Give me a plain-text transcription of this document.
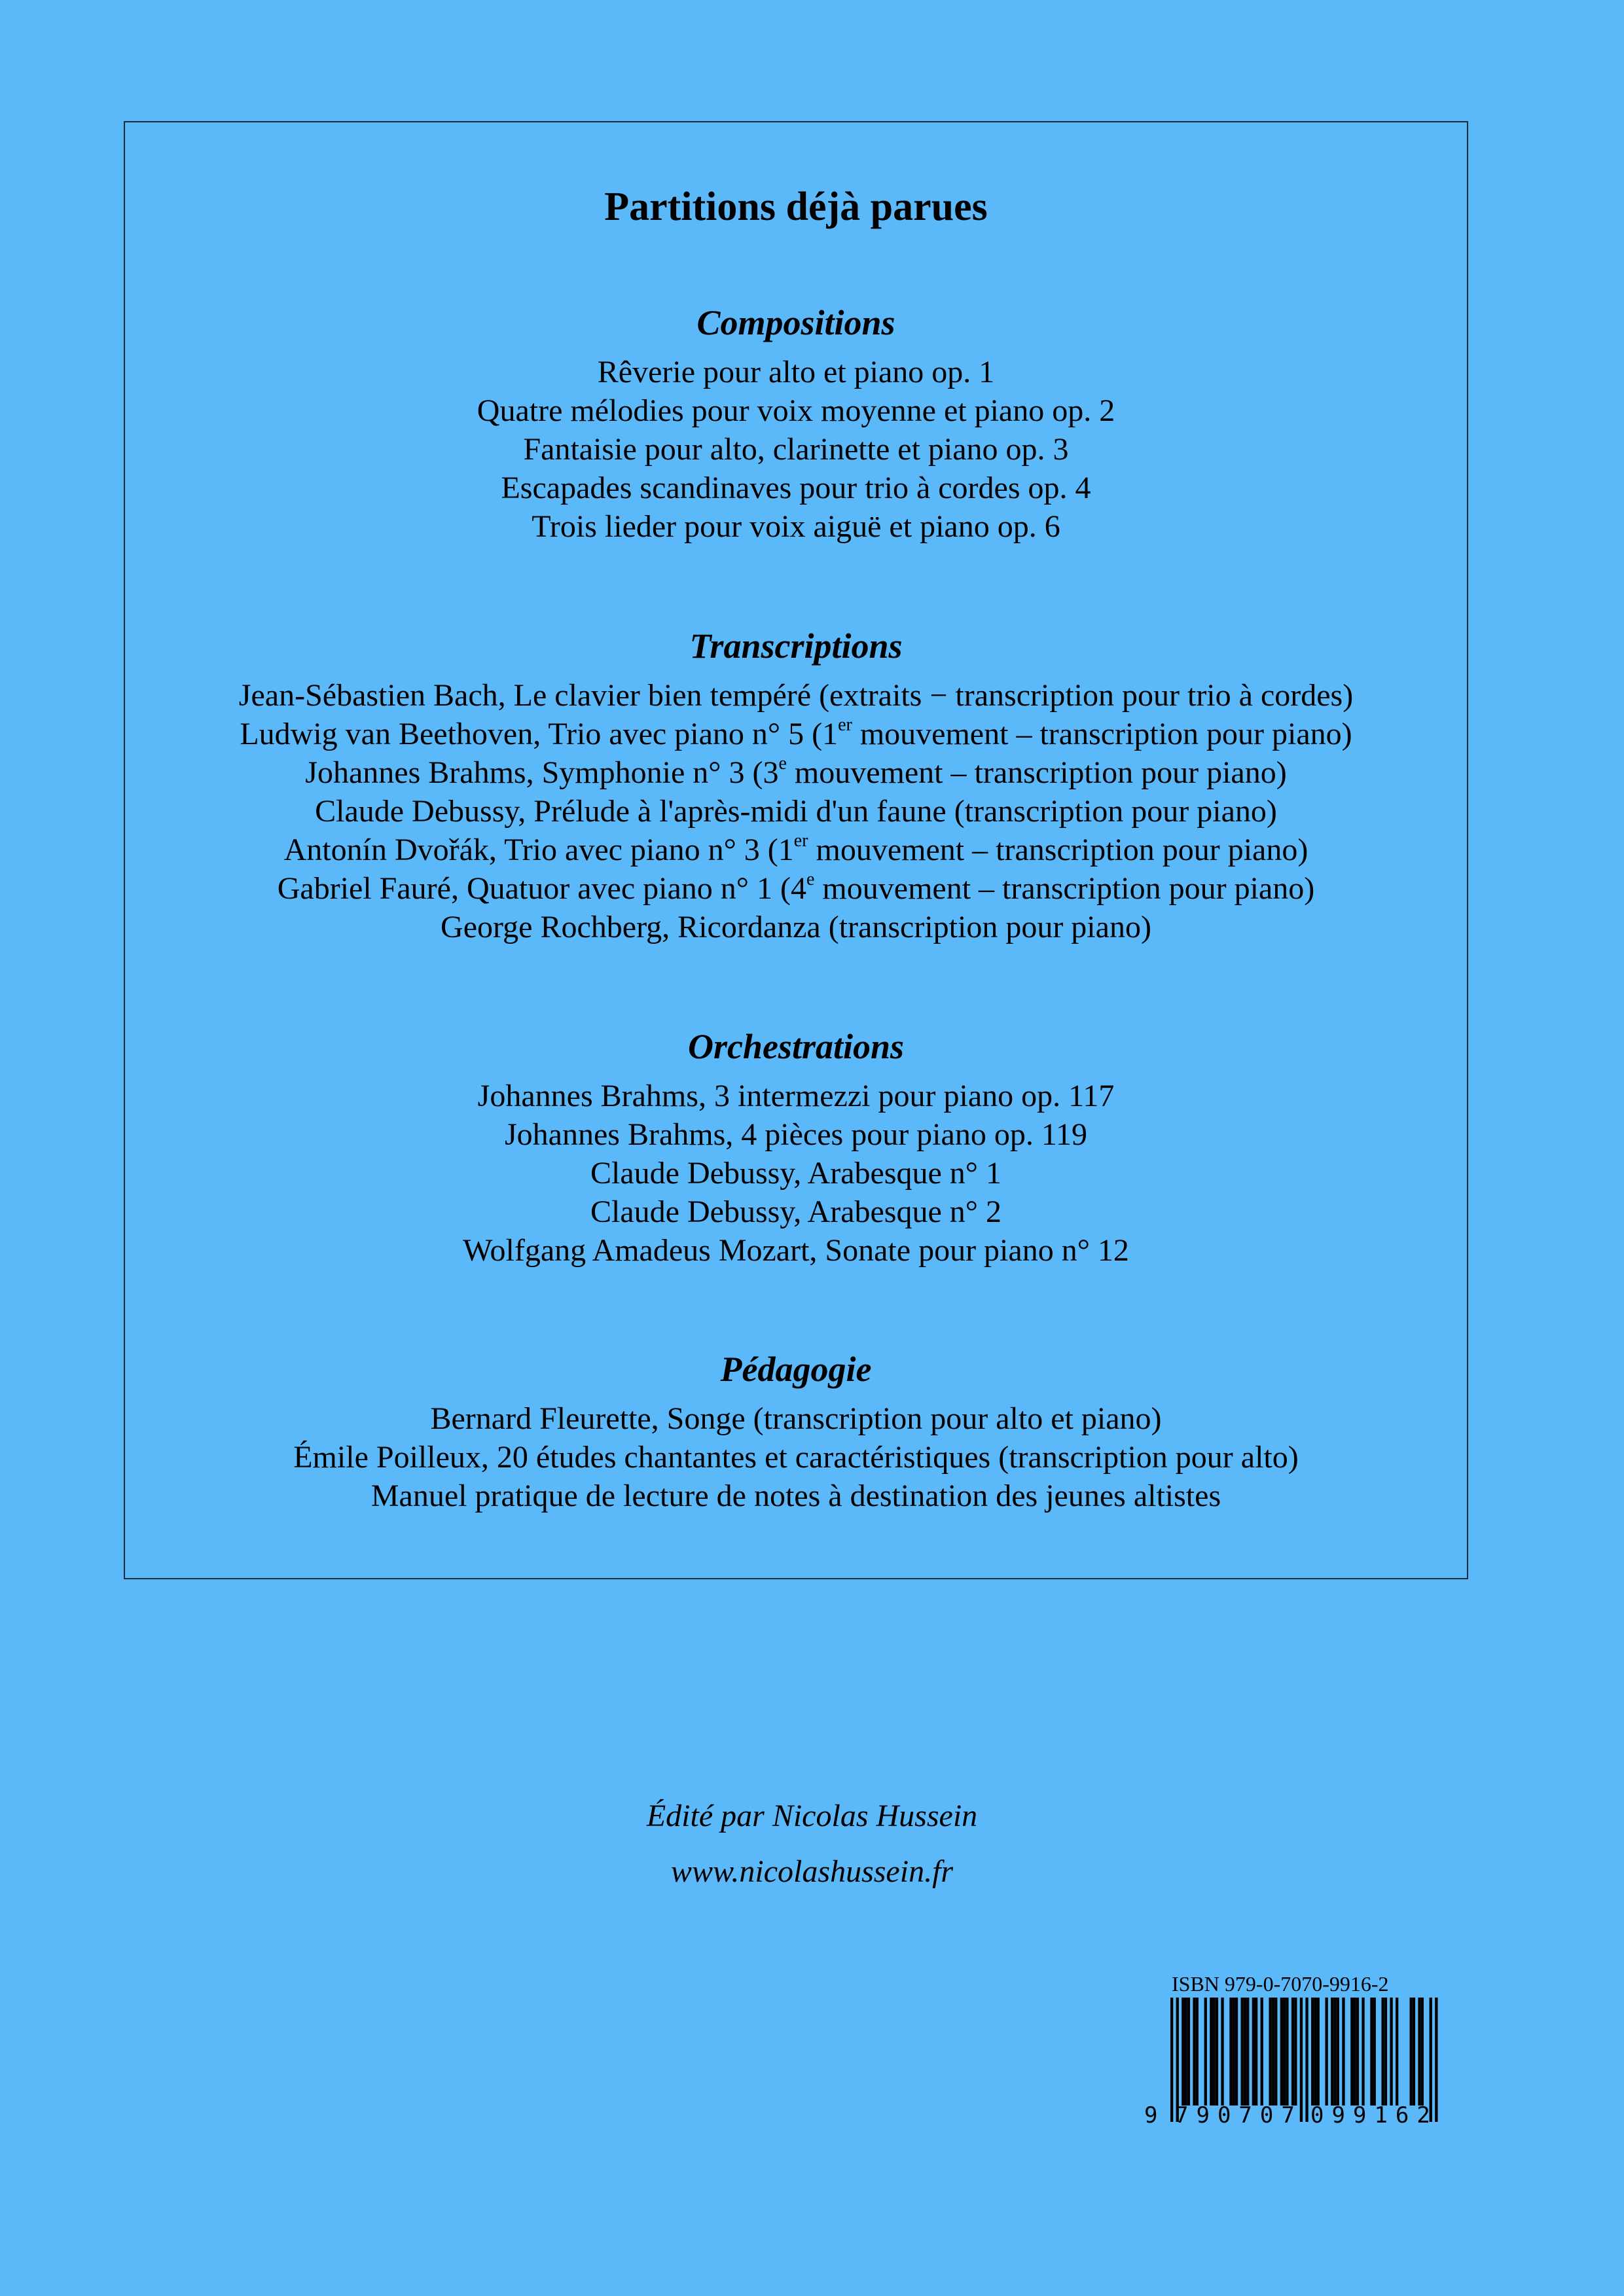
Partitions déjà parues
Compositions
Rêverie pour alto et piano op. 1
Quatre mélodies pour voix moyenne et piano op. 2
Fantaisie pour alto, clarinette et piano op. 3
Escapades scandinaves pour trio à cordes op. 4
Trois lieder pour voix aiguë et piano op. 6
Transcriptions
Jean-Sébastien Bach, Le clavier bien tempéré (extraits − transcription pour trio à cordes)
Ludwig van Beethoven, Trio avec piano n° 5 (1er mouvement – transcription pour piano)
Johannes Brahms, Symphonie n° 3 (3e mouvement – transcription pour piano)
Claude Debussy, Prélude à l'après-midi d'un faune (transcription pour piano)
Antonín Dvořák, Trio avec piano n° 3 (1er mouvement – transcription pour piano)
Gabriel Fauré, Quatuor avec piano n° 1 (4e mouvement – transcription pour piano)
George Rochberg, Ricordanza (transcription pour piano)
Orchestrations
Johannes Brahms, 3 intermezzi pour piano op. 117
Johannes Brahms, 4 pièces pour piano op. 119
Claude Debussy, Arabesque n° 1
Claude Debussy, Arabesque n° 2
Wolfgang Amadeus Mozart, Sonate pour piano n° 12
Pédagogie
Bernard Fleurette, Songe (transcription pour alto et piano)
Émile Poilleux, 20 études chantantes et caractéristiques (transcription pour alto)
Manuel pratique de lecture de notes à destination des jeunes altistes

Édité par Nicolas Hussein

www.nicolashussein.fr

ISBN 979-0-7070-9916-2
9 790707 099162
